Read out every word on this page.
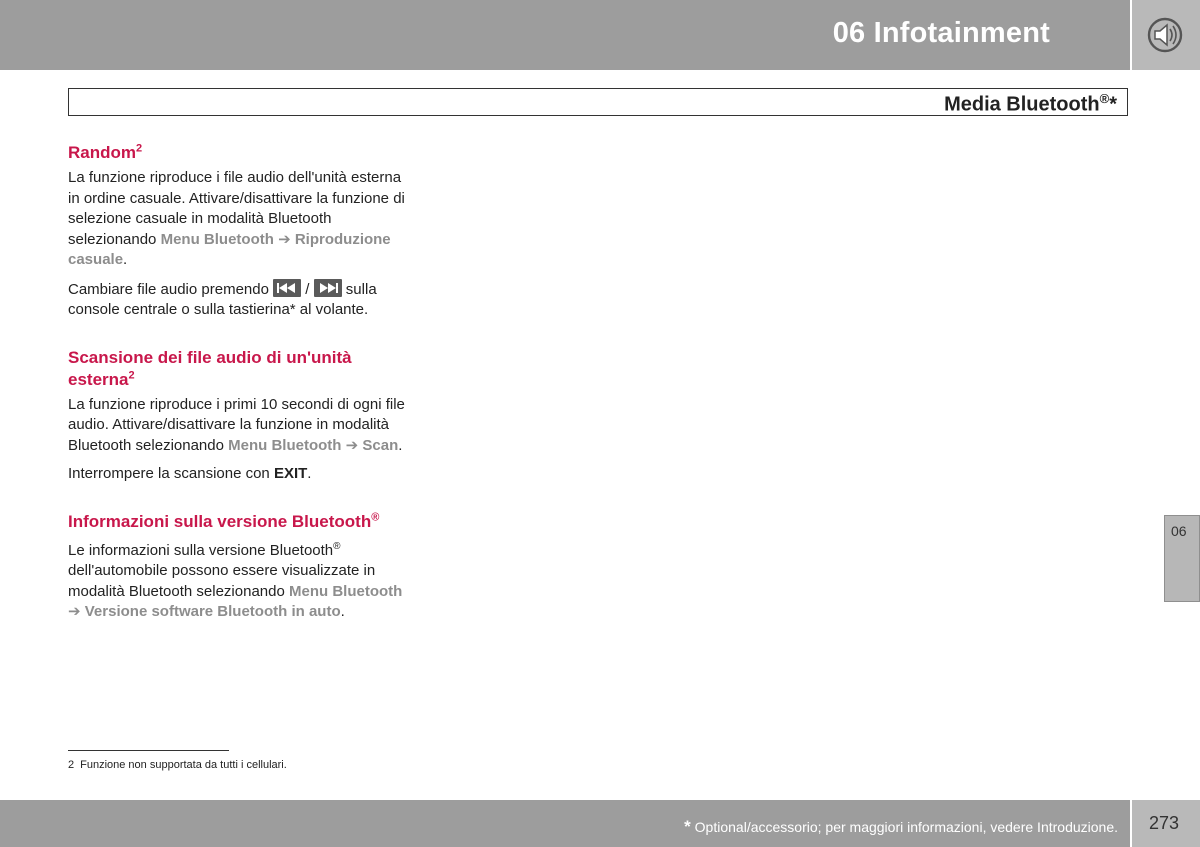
06 Infotainment
Media Bluetooth®*
Random$^2$

La funzione riproduce i file audio dell'unità esterna in ordine casuale. Attivare/disattivare la funzione di selezione casuale in modalità Bluetooth selezionando Menu Bluetooth ➔ Riproduzione casuale.

Cambiare file audio premendo
/
sulla console centrale o sulla tastierina* al volante.

Scansione dei file audio di un'unità esterna$^2$

La funzione riproduce i primi 10 secondi di ogni file audio. Attivare/disattivare la funzione in modalità Bluetooth selezionando Menu Bluetooth ➔ Scan.

Interrompere la scansione con EXIT.

Informazioni sulla versione Bluetooth®

Le informazioni sulla versione Bluetooth® dell'automobile possono essere visualizzate in modalità Bluetooth selezionando Menu Bluetooth ➔ Versione software Bluetooth in auto.

2 Funzione non supportata da tutti i cellulari.
06
* Optional/accessorio; per maggiori informazioni, vedere Introduzione. 273
